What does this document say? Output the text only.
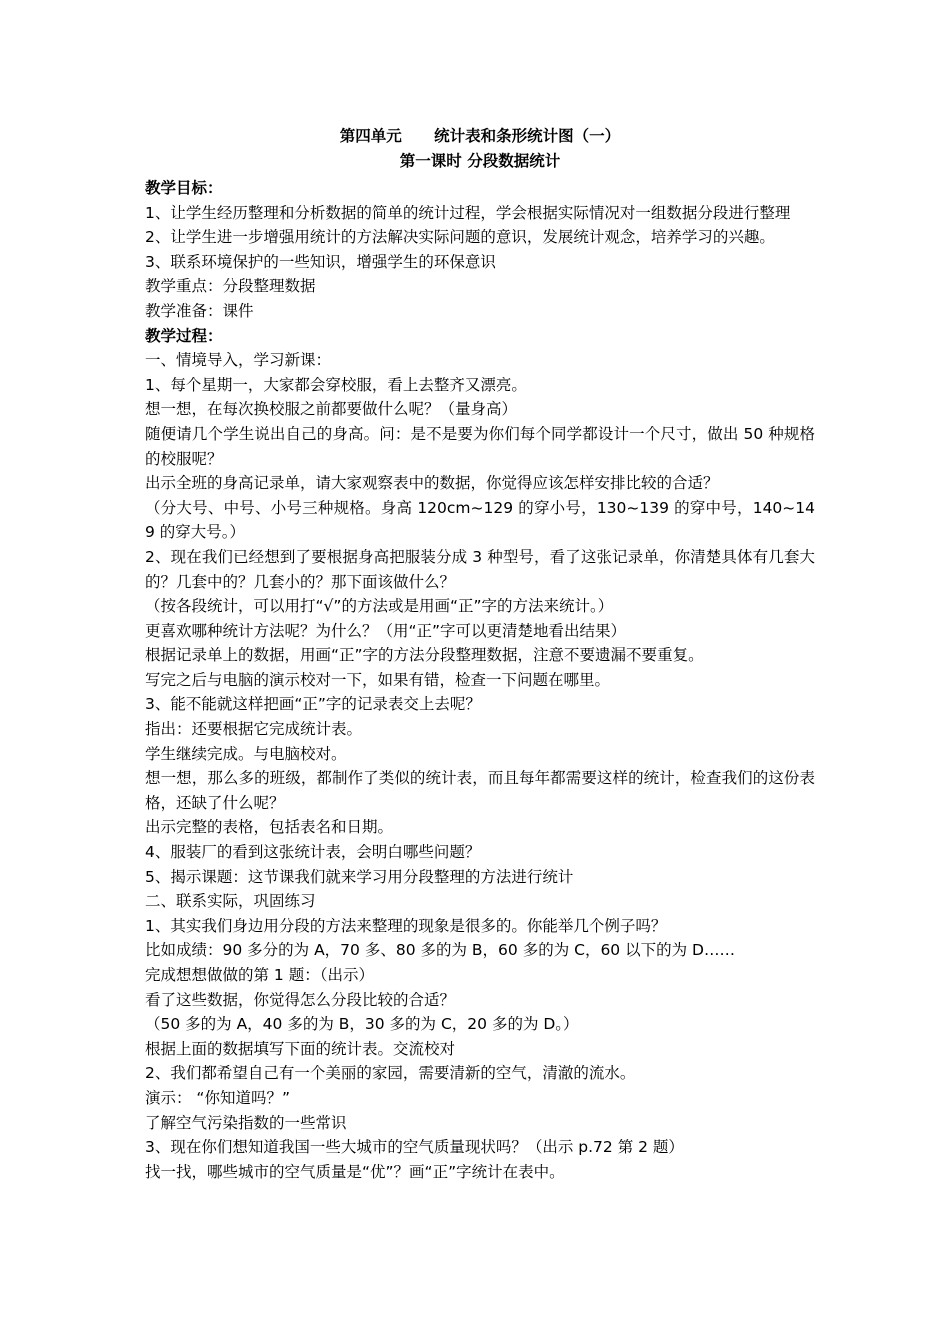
第四单元      统计表和条形统计图（一）

第一课时 分段数据统计

教学目标：

1、让学生经历整理和分析数据的简单的统计过程，学会根据实际情况对一组数据分段进行整理

2、让学生进一步增强用统计的方法解决实际问题的意识，发展统计观念，培养学习的兴趣。

3、联系环境保护的一些知识，增强学生的环保意识

教学重点：分段整理数据

教学准备：课件

教学过程：

一、情境导入，学习新课：

1、每个星期一，大家都会穿校服，看上去整齐又漂亮。

想一想，在每次换校服之前都要做什么呢？（量身高）

随便请几个学生说出自己的身高。问：是不是要为你们每个同学都设计一个尺寸，做出 50 种规格的校服呢？

出示全班的身高记录单，请大家观察表中的数据，你觉得应该怎样安排比较的合适？

（分大号、中号、小号三种规格。身高 120cm~129 的穿小号，130~139 的穿中号，140~149 的穿大号。）

2、现在我们已经想到了要根据身高把服装分成 3 种型号，看了这张记录单，你清楚具体有几套大的？几套中的？几套小的？那下面该做什么？

（按各段统计，可以用打“√”的方法或是用画“正”字的方法来统计。）

更喜欢哪种统计方法呢？为什么？（用“正”字可以更清楚地看出结果）

根据记录单上的数据，用画“正”字的方法分段整理数据，注意不要遗漏不要重复。

写完之后与电脑的演示校对一下，如果有错，检查一下问题在哪里。

3、能不能就这样把画“正”字的记录表交上去呢？

指出：还要根据它完成统计表。

学生继续完成。与电脑校对。

想一想，那么多的班级，都制作了类似的统计表，而且每年都需要这样的统计，检查我们的这份表格，还缺了什么呢？

出示完整的表格，包括表名和日期。

4、服装厂的看到这张统计表，会明白哪些问题？

5、揭示课题：这节课我们就来学习用分段整理的方法进行统计

二、联系实际，巩固练习

1、其实我们身边用分段的方法来整理的现象是很多的。你能举几个例子吗？

比如成绩：90 多分的为 A，70 多、80 多的为 B，60 多的为 C，60 以下的为 D……

完成想想做做的第 1 题：（出示）

看了这些数据，你觉得怎么分段比较的合适？

（50 多的为 A，40 多的为 B，30 多的为 C，20 多的为 D。）

根据上面的数据填写下面的统计表。交流校对

2、我们都希望自己有一个美丽的家园，需要清新的空气，清澈的流水。

演示： “你知道吗？”

了解空气污染指数的一些常识

3、现在你们想知道我国一些大城市的空气质量现状吗？（出示 p.72 第 2 题）

找一找，哪些城市的空气质量是“优”？画“正”字统计在表中。
